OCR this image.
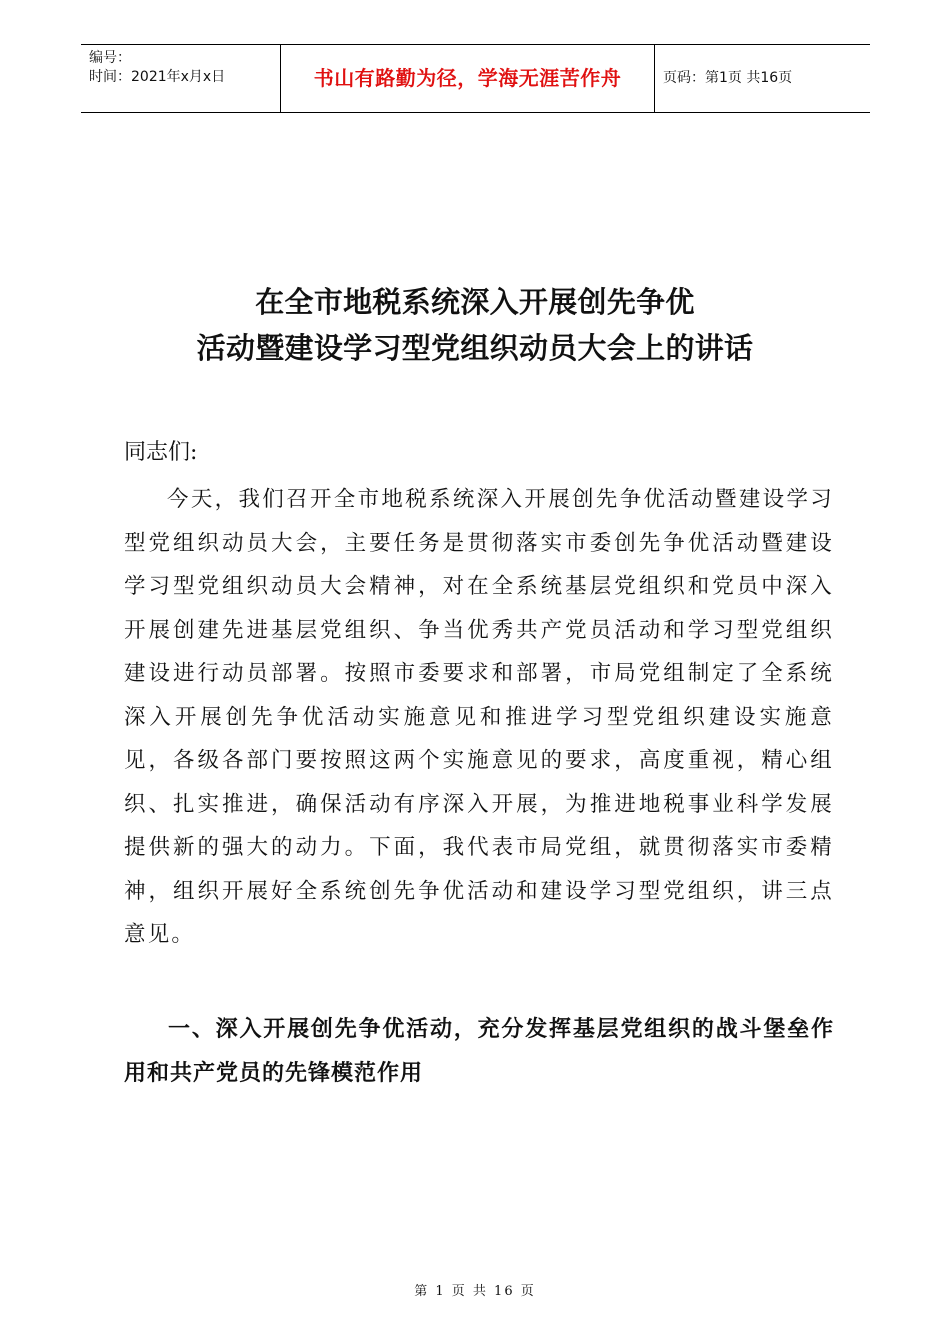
编号：
时间：2021年x月x日	书山有路勤为径，学海无涯苦作舟	页码：第1页 共16页
在全市地税系统深入开展创先争优
活动暨建设学习型党组织动员大会上的讲话
同志们:

今天，我们召开全市地税系统深入开展创先争优活动暨建设学习型党组织动员大会，主要任务是贯彻落实市委创先争优活动暨建设学习型党组织动员大会精神，对在全系统基层党组织和党员中深入开展创建先进基层党组织、争当优秀共产党员活动和学习型党组织建设进行动员部署。按照市委要求和部署，市局党组制定了全系统深入开展创先争优活动实施意见和推进学习型党组织建设实施意见，各级各部门要按照这两个实施意见的要求，高度重视，精心组织、扎实推进，确保活动有序深入开展，为推进地税事业科学发展提供新的强大的动力。下面，我代表市局党组，就贯彻落实市委精神，组织开展好全系统创先争优活动和建设学习型党组织，讲三点意见。

一、深入开展创先争优活动，充分发挥基层党组织的战斗堡垒作用和共产党员的先锋模范作用

第 1 页 共 16 页
